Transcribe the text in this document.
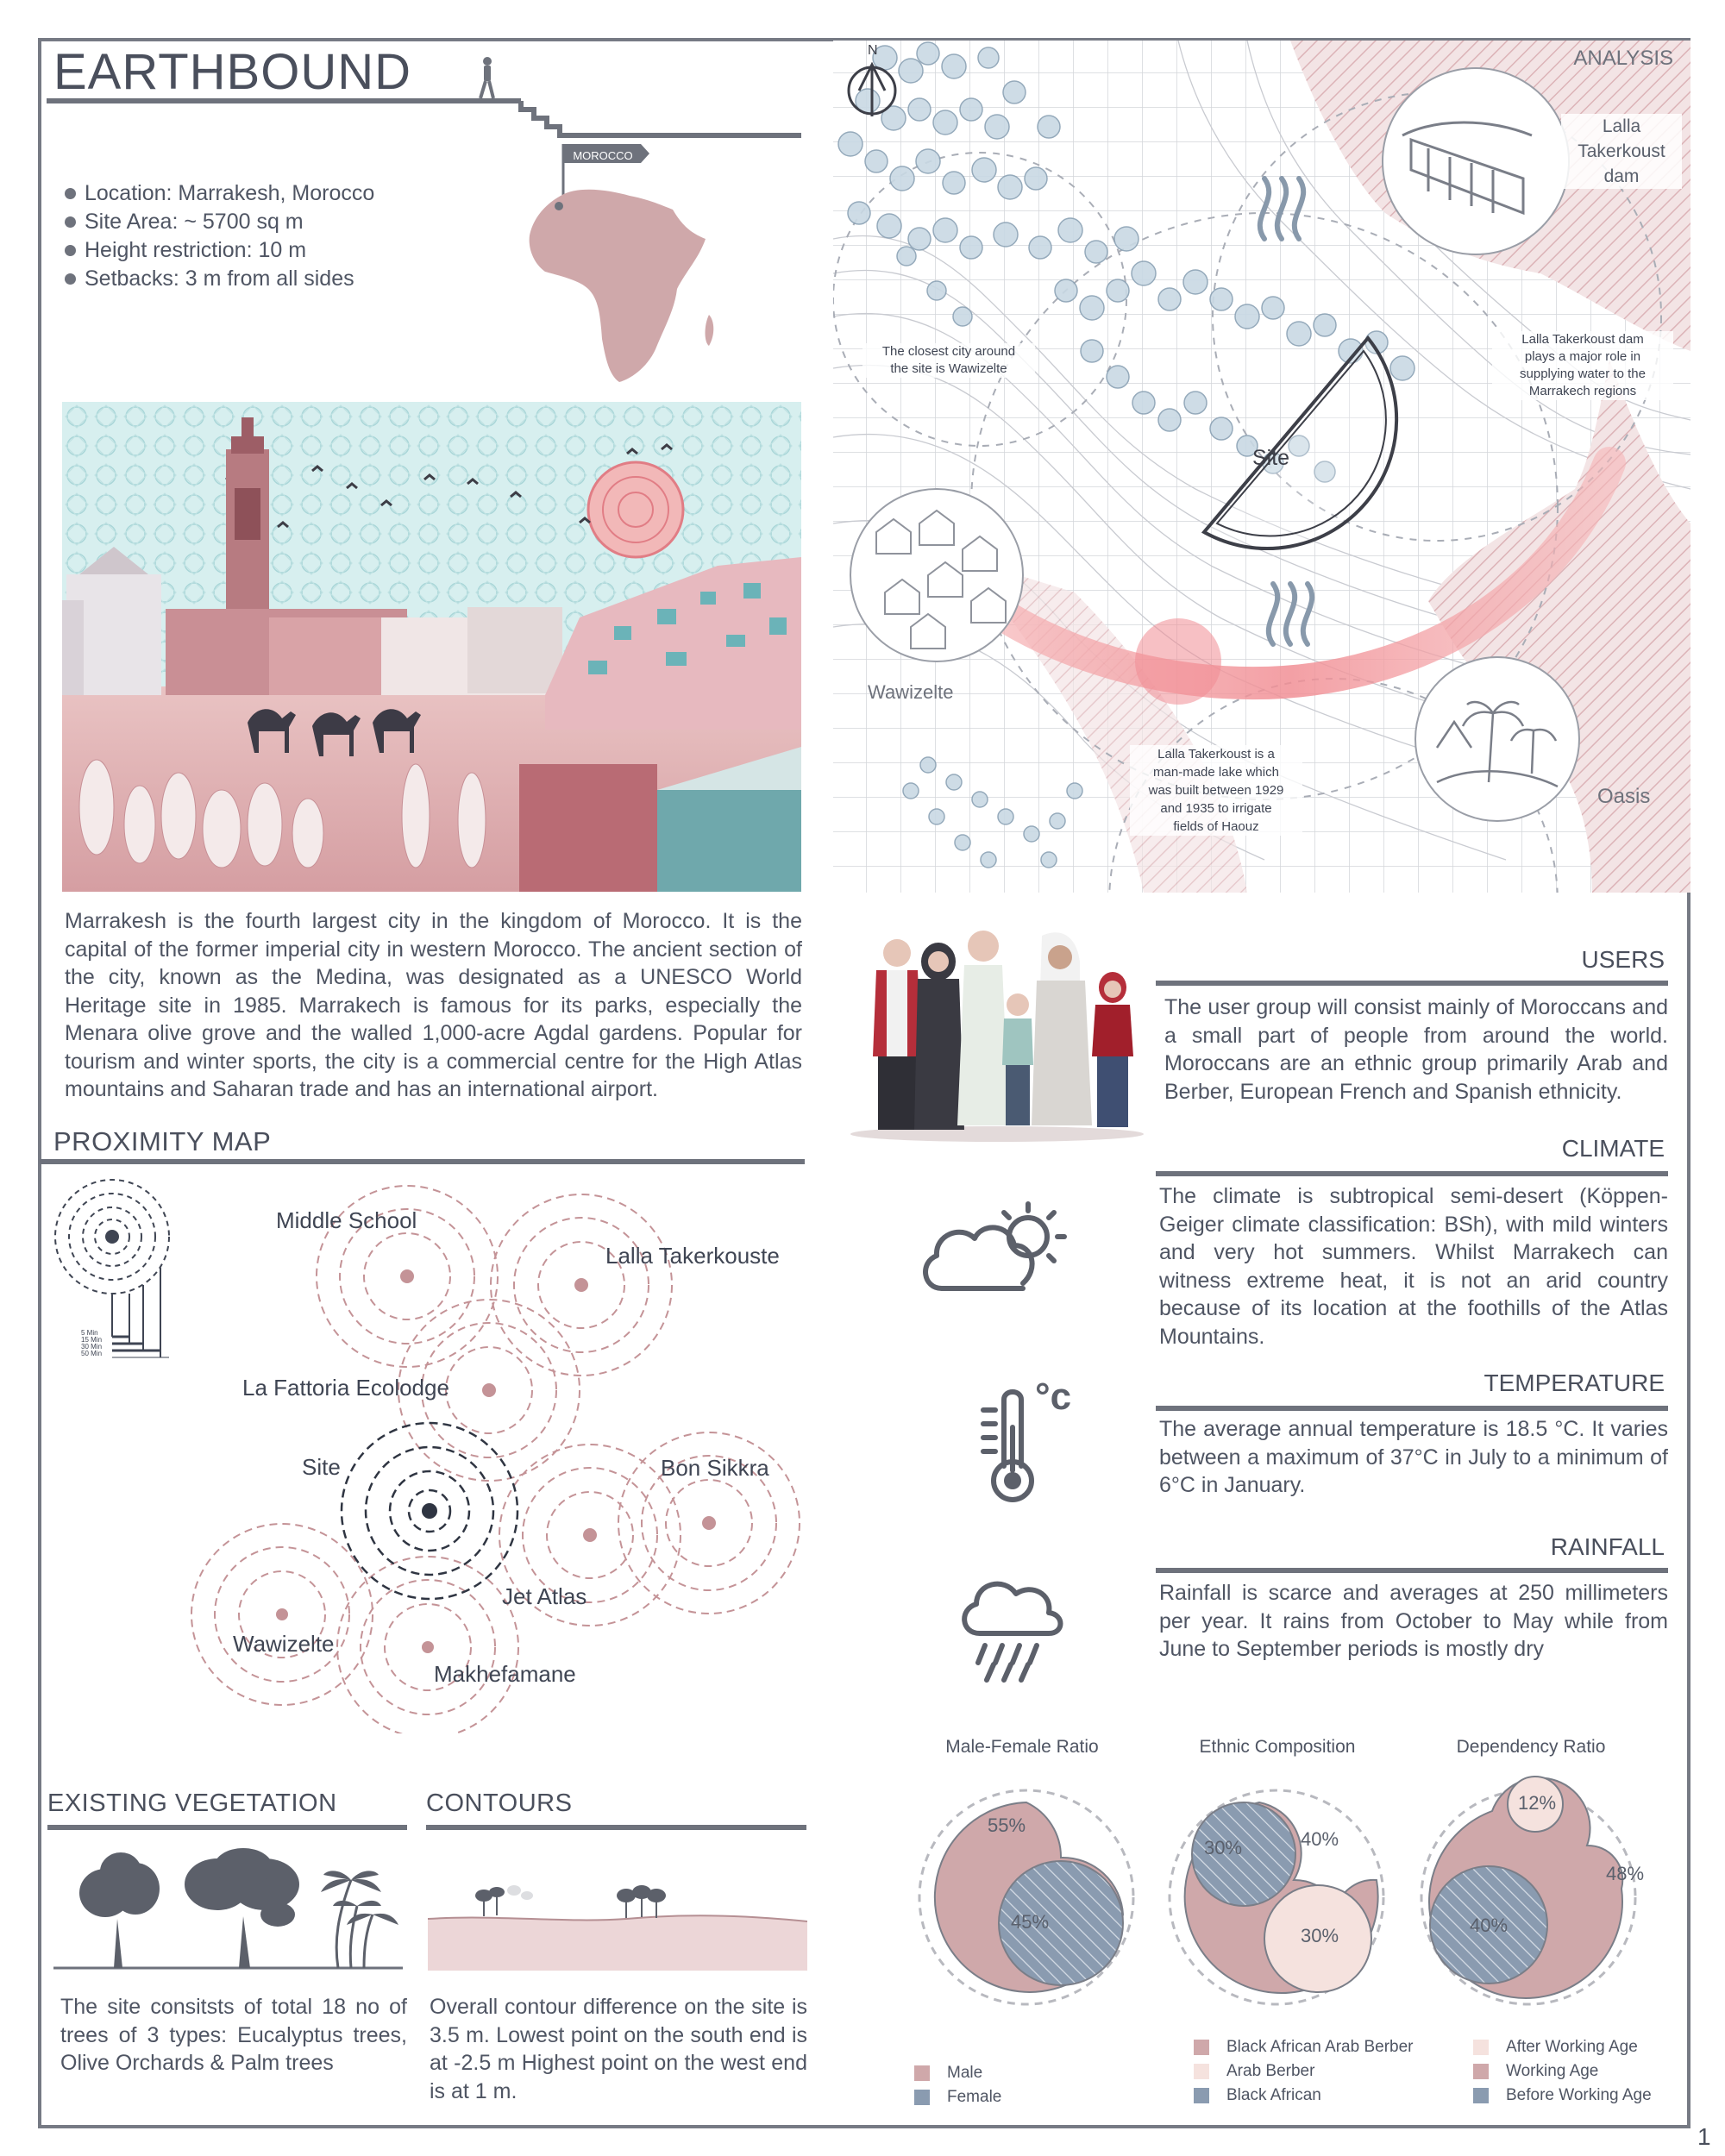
1
EARTHBOUND
Location: Marrakesh, Morocco
Site Area: ~ 5700 sq m
Height restriction: 10 m
Setbacks: 3 m from all sides
MOROCCO
Marrakesh is the fourth largest city in the kingdom of Morocco. It is the capital of the former imperial city in western Morocco. The ancient section of the city, known as the Medina, was designated as a UNESCO World Heritage site in 1985. Marrakech is famous for its parks, especially the Menara olive grove and the walled 1,000-acre Agdal gardens. Popular for tourism and winter sports, the city is a commercial centre for the High Atlas mountains and Saharan trade and has an international airport.
N	ANALYSIS
Lalla
Takerkoust
dam
The closest city around
the site is Wawizelte
Lalla Takerkoust dam
plays a major role in
supplying water to the
Marrakech regions
Site
Wawizelte
Lalla Takerkoust is a
man-made lake which
was built between 1929
and 1935 to irrigate
fields of Haouz
Oasis
PROXIMITY MAP
5 Min
15 Min
30 Min
50 Min
Middle School
Lalla Takerkouste
La Fattoria Ecolodge
Site	Bon Sikkra
Jet Atlas
Wawizelte
Makhefamane
EXISTING VEGETATION
The site consitsts of total 18 no of trees of 3 types: Eucalyptus trees, Olive Orchards & Palm trees
CONTOURS
Overall contour difference on the site is 3.5 m. Lowest point on the south end is at -2.5 m Highest point on the west end is at 1 m.
USERS
The user group will consist mainly of Moroccans and a small part of people from around the world. Moroccans are an ethnic group primarily Arab and Berber, European French and Spanish ethnicity.
CLIMATE
The climate is subtropical semi-desert (Köppen-Geiger climate classification: BSh), with mild winters and very hot summers. Whilst Marrakech can witness extreme heat, it is not an arid country because of its location at the foothills of the Atlas Mountains.
TEMPERATURE
°c
The average annual temperature is 18.5 °C. It varies between a maximum of 37°C in July to a minimum of 6°C in January.
RAINFALL
Rainfall is scarce and averages at 250 millimeters per year. It rains from October to May while from June to September periods is mostly dry
Male-Female Ratio	Ethnic Composition	Dependency Ratio
55%
45%
40%
30%
30%
12%
48%
40%
Male
Female
Black African Arab Berber
Arab Berber
Black African
After Working Age
Working Age
Before Working Age
